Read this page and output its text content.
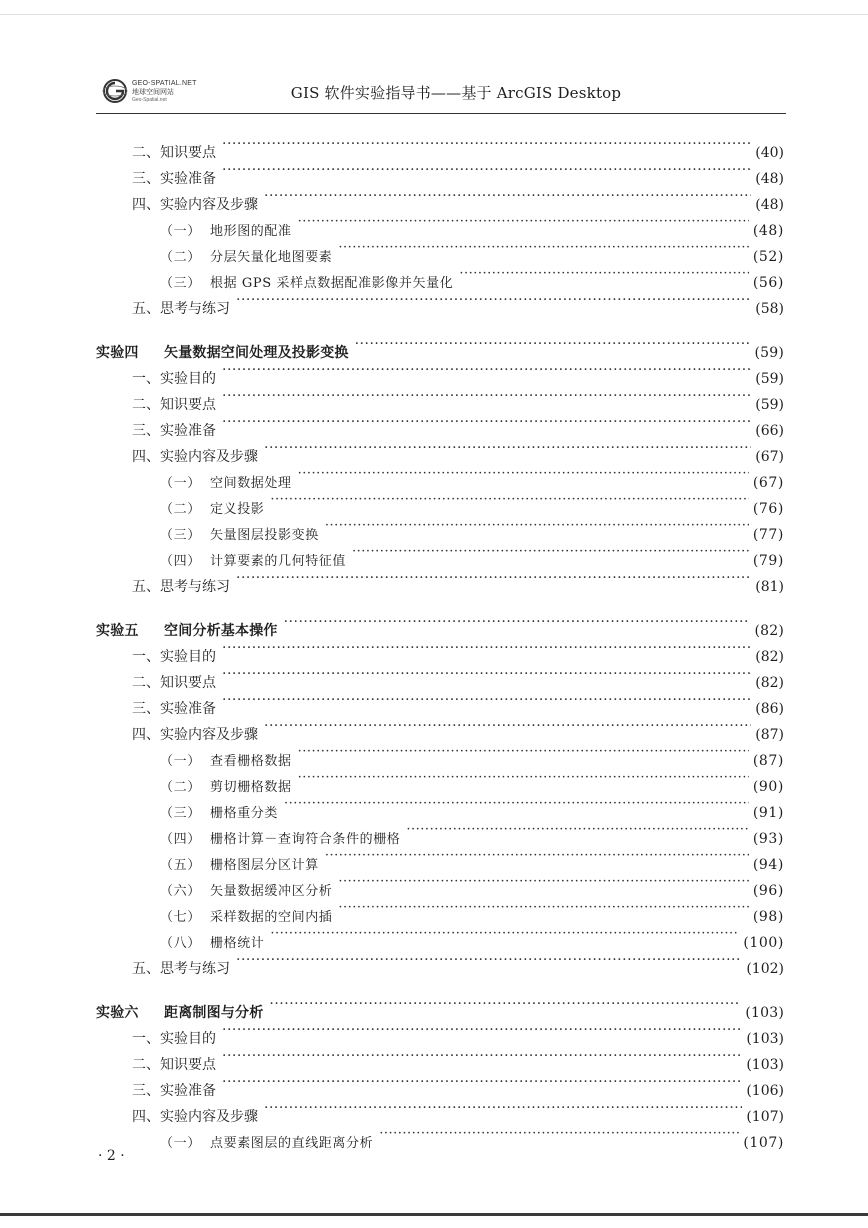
GEO-SPATIAL.NET
地球空间网站
Geo-Spatial.net	GIS 软件实验指导书——基于 ArcGIS Desktop
二、 知识要点 ·····	(40)
三、 实验准备 ·····	(48)
四、 实验内容及步骤 ·····	(48)
（一） 地形图的配准 ·····	(48)
（二） 分层矢量化地图要素 ·····	(52)
（三） 根据 GPS 采样点数据配准影像并矢量化 ·····	(56)
五、 思考与练习 ·····	(58)
实验四	矢量数据空间处理及投影变换 ·····	(59)
一、 实验目的 ·····	(59)
二、 知识要点 ·····	(59)
三、 实验准备 ·····	(66)
四、 实验内容及步骤 ·····	(67)
（一） 空间数据处理 ·····	(67)
（二） 定义投影 ·····	(76)
（三） 矢量图层投影变换 ·····	(77)
（四） 计算要素的几何特征值 ·····	(79)
五、 思考与练习 ·····	(81)
实验五	空间分析基本操作 ·····	(82)
一、 实验目的 ·····	(82)
二、 知识要点 ·····	(82)
三、 实验准备 ·····	(86)
四、 实验内容及步骤 ·····	(87)
（一） 查看栅格数据 ·····	(87)
（二） 剪切栅格数据 ·····	(90)
（三） 栅格重分类 ·····	(91)
（四） 栅格计算－查询符合条件的栅格 ·····	(93)
（五） 栅格图层分区计算 ·····	(94)
（六） 矢量数据缓冲区分析 ·····	(96)
（七） 采样数据的空间内插 ·····	(98)
（八） 栅格统计 ·····	(100)
五、 思考与练习 ·····	(102)
实验六	距离制图与分析 ·····	(103)
一、 实验目的 ·····	(103)
二、 知识要点 ·····	(103)
三、 实验准备 ·····	(106)
四、 实验内容及步骤 ·····	(107)
（一） 点要素图层的直线距离分析 ·····	(107)
· 2 ·
